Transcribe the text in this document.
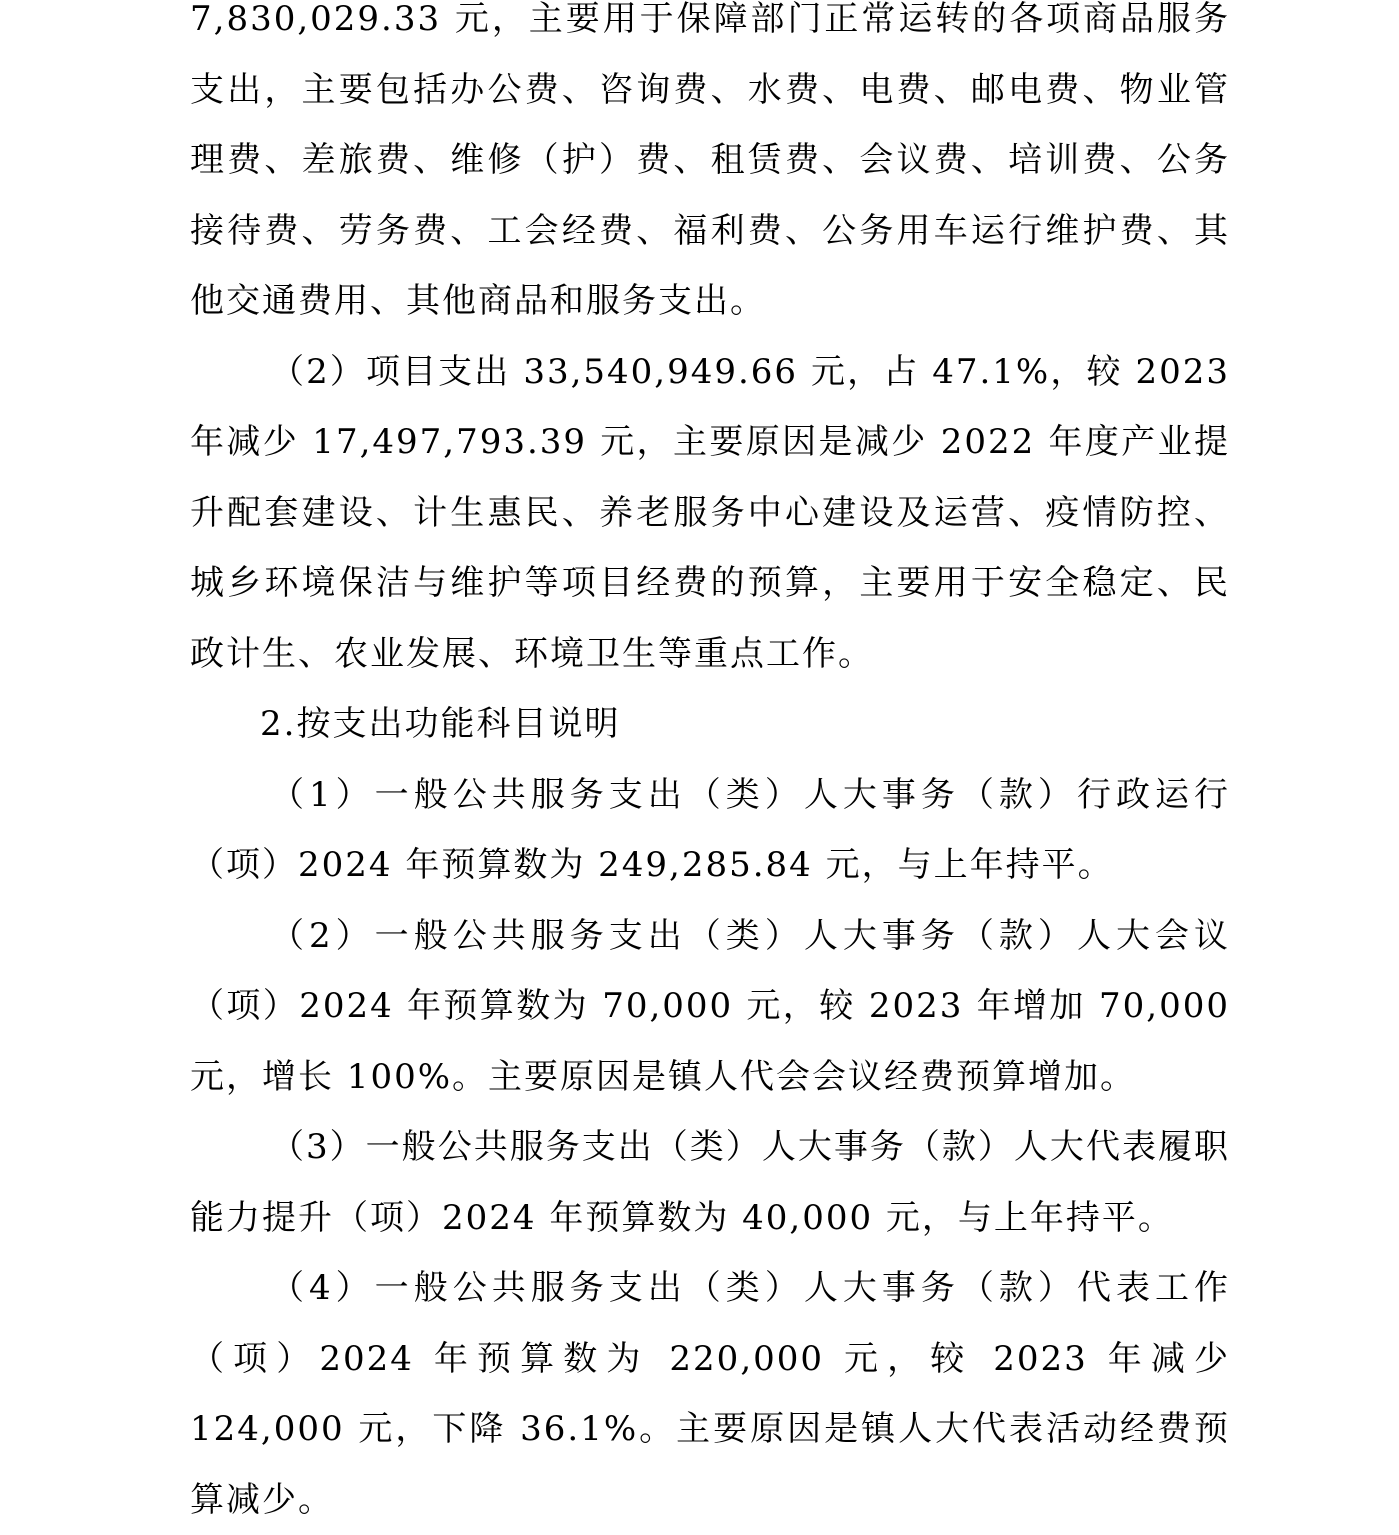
7,830,029.33 元，主要用于保障部门正常运转的各项商品服务支出，主要包括办公费、咨询费、水费、电费、邮电费、物业管理费、差旅费、维修（护）费、租赁费、会议费、培训费、公务接待费、劳务费、工会经费、福利费、公务用车运行维护费、其他交通费用、其他商品和服务支出。

（2）项目支出 33,540,949.66 元，占 47.1%，较 2023 年减少 17,497,793.39 元，主要原因是减少 2022 年度产业提升配套建设、计生惠民、养老服务中心建设及运营、疫情防控、城乡环境保洁与维护等项目经费的预算，主要用于安全稳定、民政计生、农业发展、环境卫生等重点工作。

2.按支出功能科目说明

（1）一般公共服务支出（类）人大事务（款）行政运行（项）2024 年预算数为 249,285.84 元，与上年持平。

（2）一般公共服务支出（类）人大事务（款）人大会议（项）2024 年预算数为 70,000 元，较 2023 年增加 70,000 元，增长 100%。主要原因是镇人代会会议经费预算增加。

（3）一般公共服务支出（类）人大事务（款）人大代表履职能力提升（项）2024 年预算数为 40,000 元，与上年持平。

（4）一般公共服务支出（类）人大事务（款）代表工作（项）2024 年预算数为 220,000 元，较 2023 年减少 124,000 元，下降 36.1%。主要原因是镇人大代表活动经费预算减少。
